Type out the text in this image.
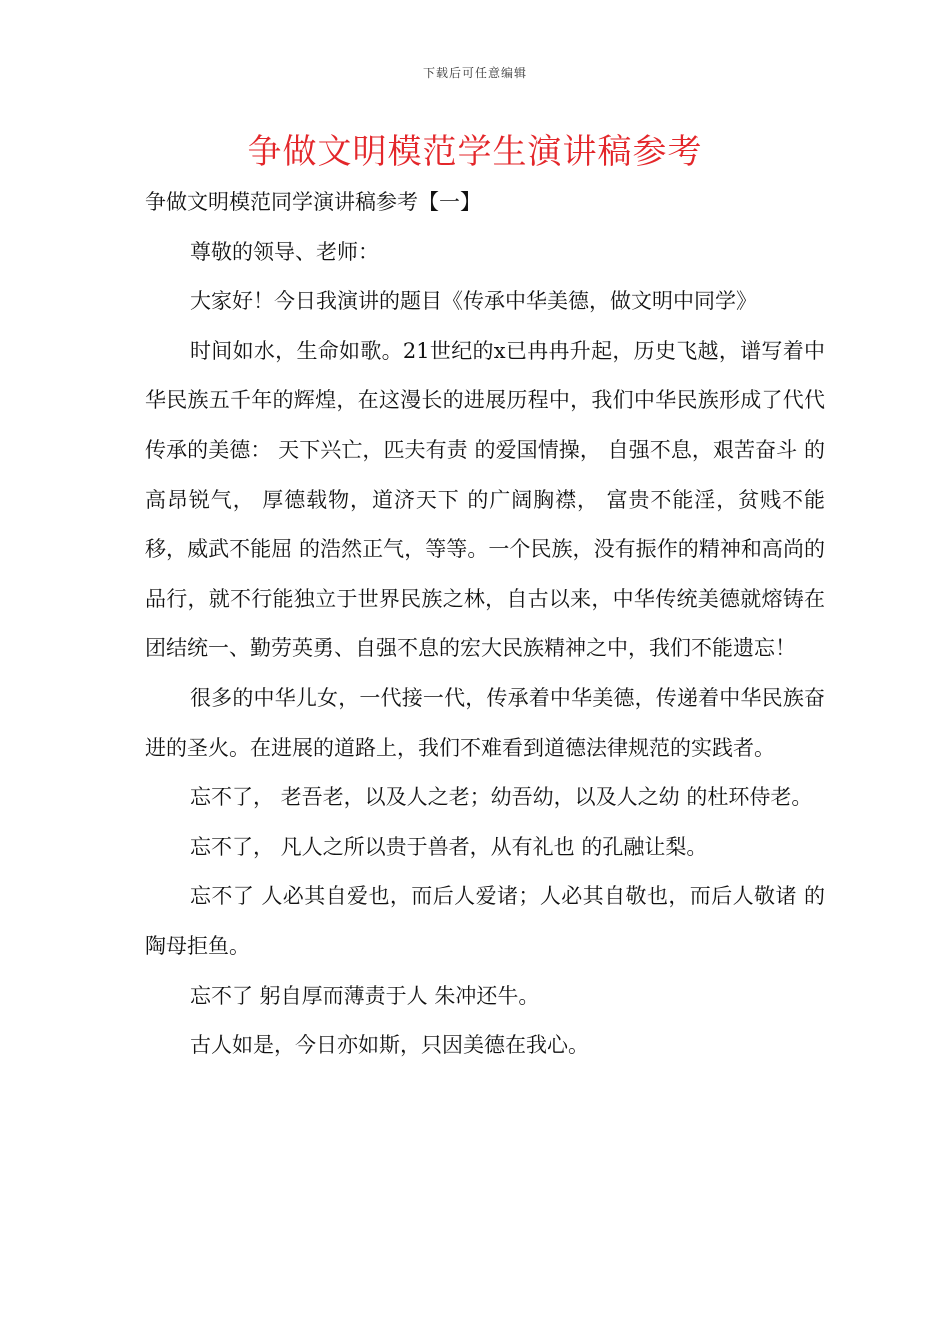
下载后可任意编辑
争做文明模范学生演讲稿参考

争做文明模范同学演讲稿参考【一】

尊敬的领导、老师：

大家好！今日我演讲的题目《传承中华美德，做文明中同学》

时间如水，生命如歌。21世纪的x已冉冉升起，历史飞越，谱写着中华民族五千年的辉煌，在这漫长的进展历程中，我们中华民族形成了代代传承的美德： 天下兴亡，匹夫有责 的爱国情操， 自强不息，艰苦奋斗 的高昂锐气， 厚德载物，道济天下 的广阔胸襟， 富贵不能淫，贫贱不能移，威武不能屈 的浩然正气，等等。一个民族，没有振作的精神和高尚的品行，就不行能独立于世界民族之林，自古以来，中华传统美德就熔铸在团结统一、勤劳英勇、自强不息的宏大民族精神之中，我们不能遗忘！

很多的中华儿女，一代接一代，传承着中华美德，传递着中华民族奋进的圣火。在进展的道路上，我们不难看到道德法律规范的实践者。

忘不了， 老吾老，以及人之老；幼吾幼，以及人之幼 的杜环侍老。

忘不了， 凡人之所以贵于兽者，从有礼也 的孔融让梨。

忘不了 人必其自爱也，而后人爱诸；人必其自敬也，而后人敬诸 的陶母拒鱼。

忘不了 躬自厚而薄责于人 朱冲还牛。

古人如是，今日亦如斯，只因美德在我心。
